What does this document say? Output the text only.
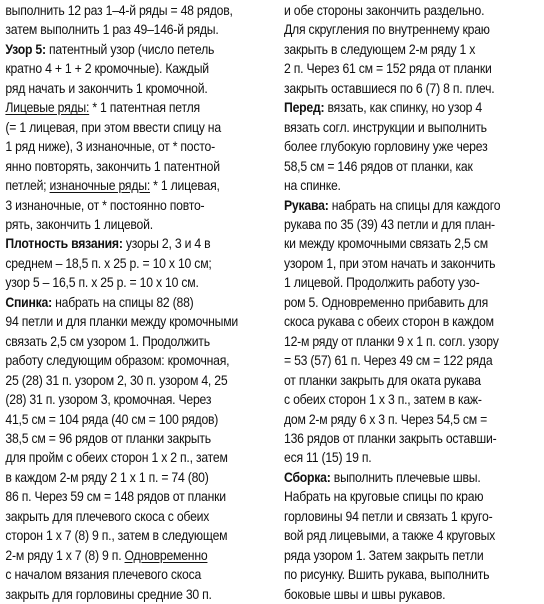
выполнить 12 раз 1–4-й ряды = 48 рядов,
затем выполнить 1 раз 49–146-й ряды.
Узор 5: патентный узор (число петель
кратно 4 + 1 + 2 кромочные). Каждый
ряд начать и закончить 1 кромочной.
Лицевые ряды: * 1 патентная петля
(= 1 лицевая, при этом ввести спицу на
1 ряд ниже), 3 изнаночные, от * посто-
янно повторять, закончить 1 патентной
петлей; изнаночные ряды: * 1 лицевая,
3 изнаночные, от * постоянно повто-
рять, закончить 1 лицевой.
Плотность вязания: узоры 2, 3 и 4 в
среднем – 18,5 п. х 25 р. = 10 х 10 см;
узор 5 – 16,5 п. х 25 р. = 10 х 10 см.
Спинка: набрать на спицы 82 (88)
94 петли и для планки между кромочными
связать 2,5 см узором 1. Продолжить
работу следующим образом: кромочная,
25 (28) 31 п. узором 2, 30 п. узором 4, 25
(28) 31 п. узором 3, кромочная. Через
41,5 см = 104 ряда (40 см = 100 рядов)
38,5 см = 96 рядов от планки закрыть
для пройм с обеих сторон 1 х 2 п., затем
в каждом 2-м ряду 2 1 х 1 п. = 74 (80)
86 п. Через 59 см = 148 рядов от планки
закрыть для плечевого скоса с обеих
сторон 1 х 7 (8) 9 п., затем в следующем
2-м ряду 1 х 7 (8) 9 п. Одновременно
с началом вязания плечевого скоса
закрыть для горловины средние 30 п.
и обе стороны закончить раздельно.
Для скругления по внутреннему краю
закрыть в следующем 2-м ряду 1 х
2 п. Через 61 см = 152 ряда от планки
закрыть оставшиеся по 6 (7) 8 п. плеч.
Перед: вязать, как спинку, но узор 4
вязать согл. инструкции и выполнить
более глубокую горловину уже через
58,5 см = 146 рядов от планки, как
на спинке.
Рукава: набрать на спицы для каждого
рукава по 35 (39) 43 петли и для план-
ки между кромочными связать 2,5 см
узором 1, при этом начать и закончить
1 лицевой. Продолжить работу узо-
ром 5. Одновременно прибавить для
скоса рукава с обеих сторон в каждом
12-м ряду от планки 9 х 1 п. согл. узору
= 53 (57) 61 п. Через 49 см = 122 ряда
от планки закрыть для оката рукава
с обеих сторон 1 х 3 п., затем в каж-
дом 2-м ряду 6 х 3 п. Через 54,5 см =
136 рядов от планки закрыть оставши-
еся 11 (15) 19 п.
Сборка: выполнить плечевые швы.
Набрать на круговые спицы по краю
горловины 94 петли и связать 1 круго-
вой ряд лицевыми, а также 4 круговых
ряда узором 1. Затем закрыть петли
по рисунку. Вшить рукава, выполнить
боковые швы и швы рукавов.
